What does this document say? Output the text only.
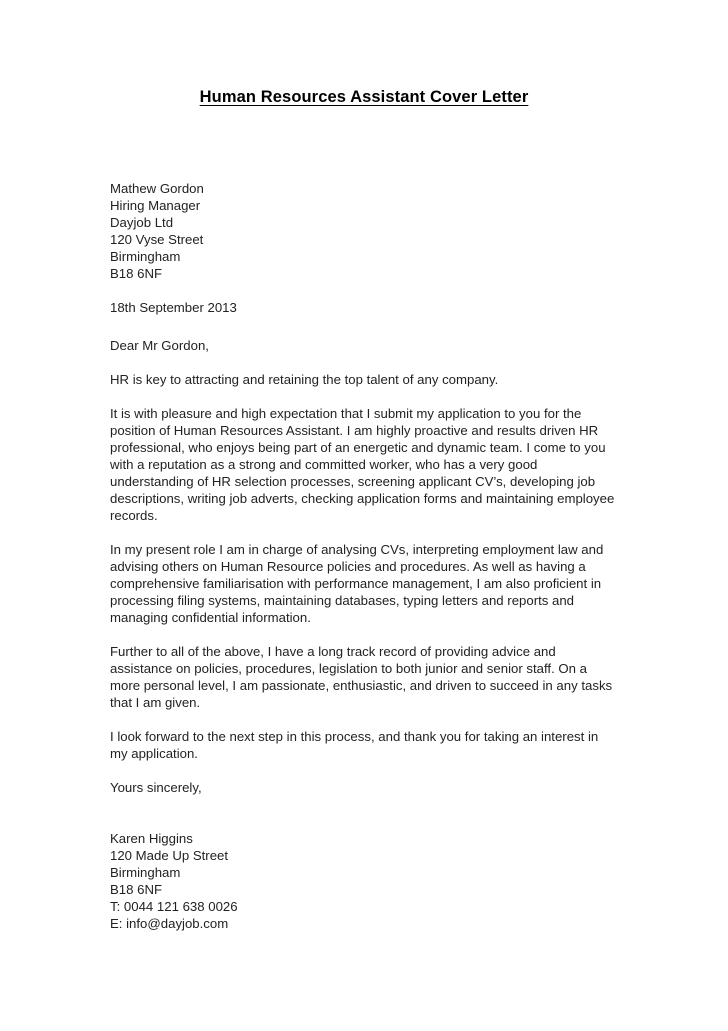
Human Resources Assistant Cover Letter
Mathew Gordon
Hiring Manager
Dayjob Ltd
120 Vyse Street
Birmingham
B18 6NF
18th September 2013
Dear Mr Gordon,
HR is key to attracting and retaining the top talent of any company.

It is with pleasure and high expectation that I submit my application to you for the position of Human Resources Assistant. I am highly proactive and results driven HR professional, who enjoys being part of an energetic and dynamic team. I come to you with a reputation as a strong and committed worker, who has a very good understanding of HR selection processes, screening applicant CV’s, developing job descriptions, writing job adverts, checking application forms and maintaining employee records.

In my present role I am in charge of analysing CVs, interpreting employment law and advising others on Human Resource policies and procedures. As well as having a comprehensive familiarisation with performance management, I am also proficient in processing filing systems, maintaining databases, typing letters and reports and managing confidential information.

Further to all of the above, I have a long track record of providing advice and assistance on policies, procedures, legislation to both junior and senior staff. On a more personal level, I am passionate, enthusiastic, and driven to succeed in any tasks that I am given.

I look forward to the next step in this process, and thank you for taking an interest in my application.

Yours sincerely,
Karen Higgins
120 Made Up Street
Birmingham
B18 6NF
T: 0044 121 638 0026
E: info@dayjob.com
